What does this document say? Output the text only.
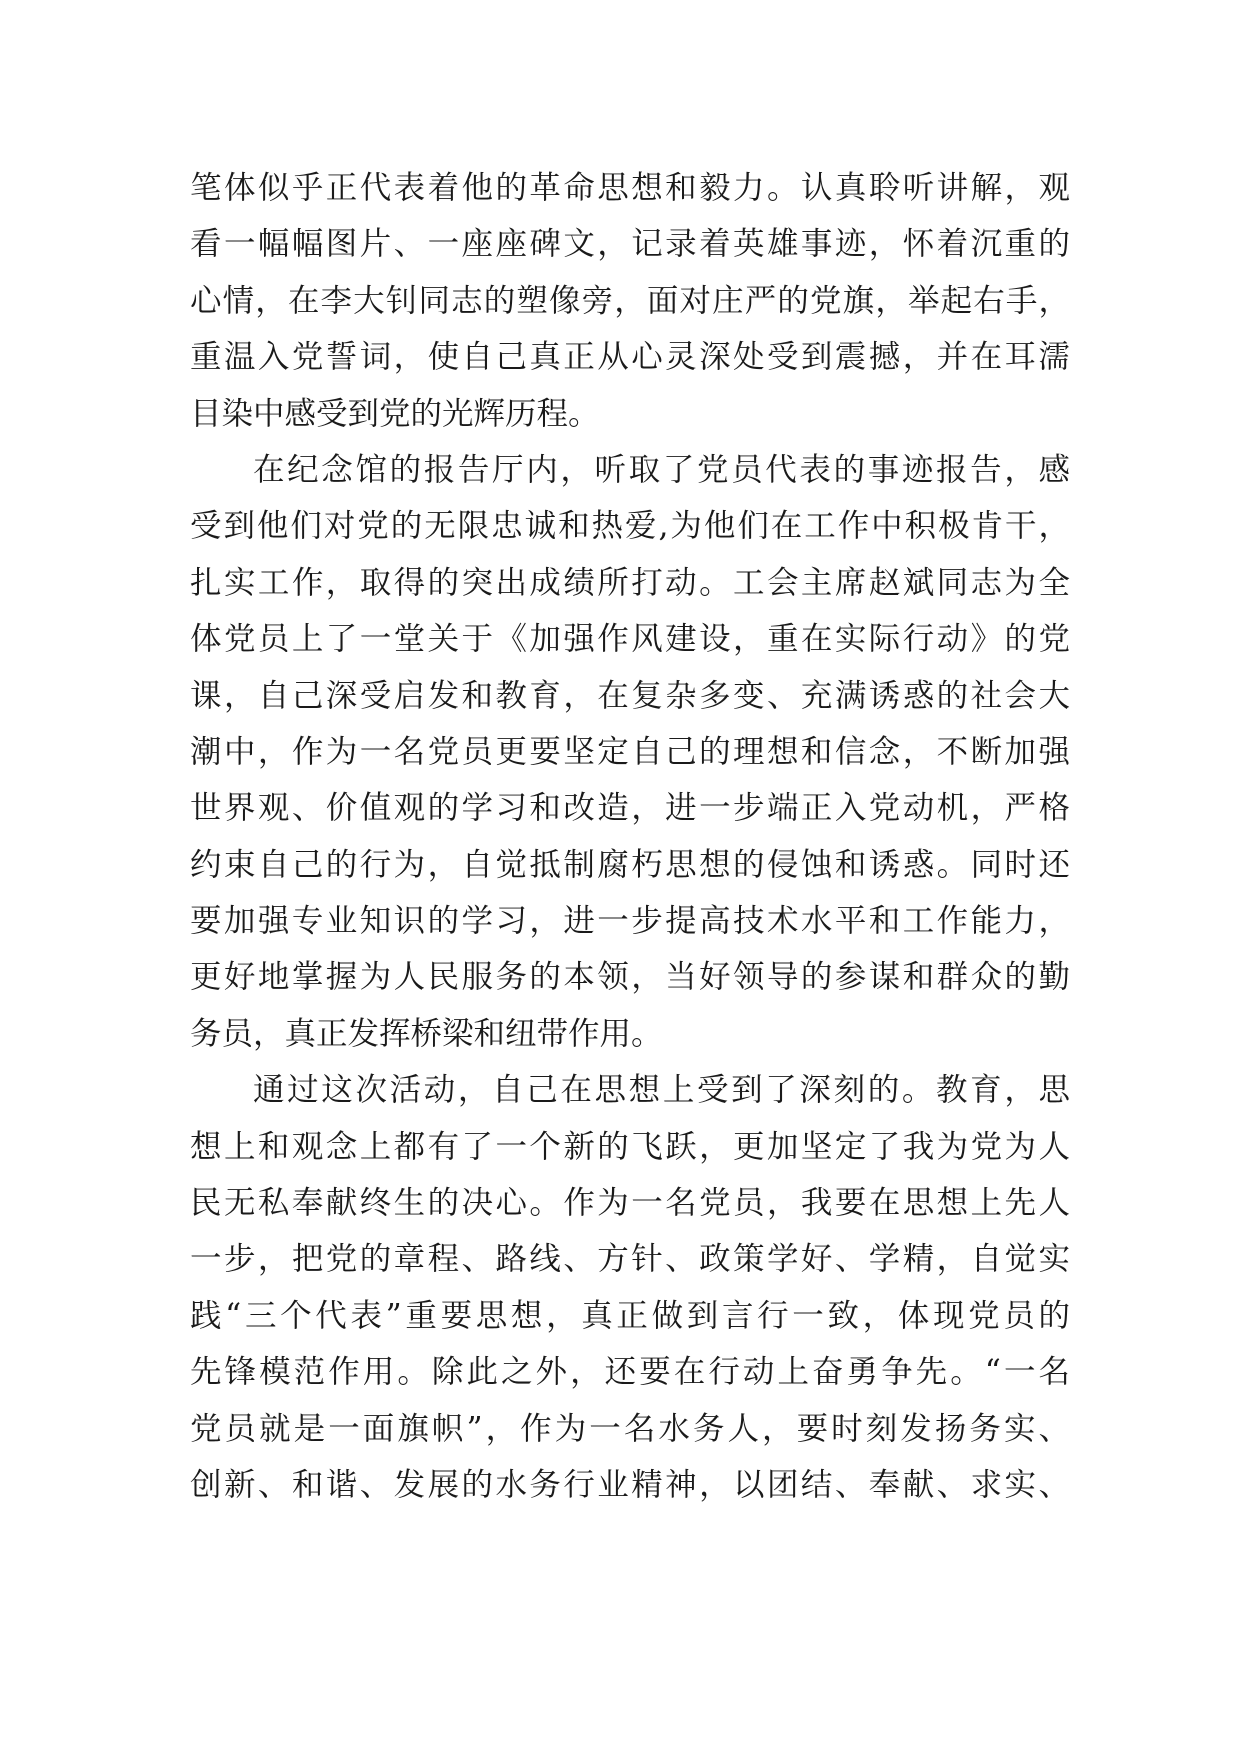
笔体似乎正代表着他的革命思想和毅力。认真聆听讲解，观
看一幅幅图片、一座座碑文，记录着英雄事迹，怀着沉重的
心情，在李大钊同志的塑像旁，面对庄严的党旗，举起右手，
重温入党誓词，使自己真正从心灵深处受到震撼，并在耳濡
目染中感受到党的光辉历程。
在纪念馆的报告厅内，听取了党员代表的事迹报告，感
受到他们对党的无限忠诚和热爱,为他们在工作中积极肯干，
扎实工作，取得的突出成绩所打动。工会主席赵斌同志为全
体党员上了一堂关于《加强作风建设，重在实际行动》的党
课，自己深受启发和教育，在复杂多变、充满诱惑的社会大
潮中，作为一名党员更要坚定自己的理想和信念，不断加强
世界观、价值观的学习和改造，进一步端正入党动机，严格
约束自己的行为，自觉抵制腐朽思想的侵蚀和诱惑。同时还
要加强专业知识的学习，进一步提高技术水平和工作能力，
更好地掌握为人民服务的本领，当好领导的参谋和群众的勤
务员，真正发挥桥梁和纽带作用。
通过这次活动，自己在思想上受到了深刻的。教育，思
想上和观念上都有了一个新的飞跃，更加坚定了我为党为人
民无私奉献终生的决心。作为一名党员，我要在思想上先人
一步，把党的章程、路线、方针、政策学好、学精，自觉实
践“三个代表”重要思想，真正做到言行一致，体现党员的
先锋模范作用。除此之外，还要在行动上奋勇争先。“一名
党员就是一面旗帜”，作为一名水务人，要时刻发扬务实、
创新、和谐、发展的水务行业精神，以团结、奉献、求实、
